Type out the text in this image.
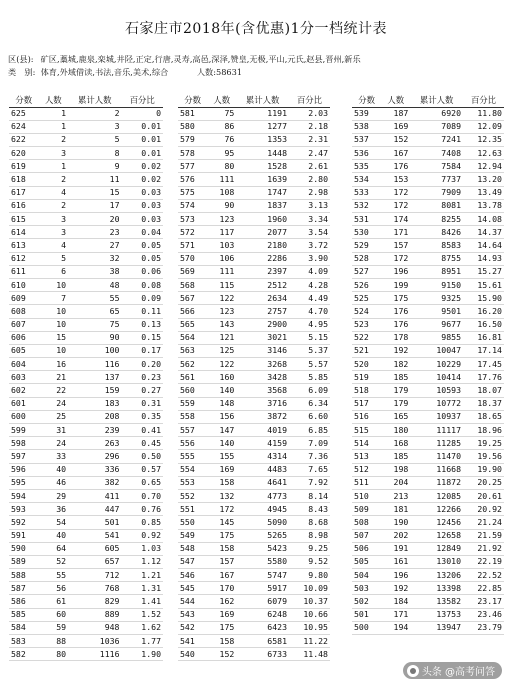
石家庄市2018年(含优惠)1分一档统计表
区(县): 矿区,藁城,鹿泉,栾城,井陉,正定,行唐,灵寿,高邑,深泽,赞皇,无极,平山,元氏,赵县,晋州,新乐
类　别: 体育,外域借读,书法,音乐,美术,综合	人数:58631
分数	人数	累计人数	百分比
625	1	2	0
624	1	3	0.01
622	2	5	0.01
620	3	8	0.01
619	1	9	0.02
618	2	11	0.02
617	4	15	0.03
616	2	17	0.03
615	3	20	0.03
614	3	23	0.04
613	4	27	0.05
612	5	32	0.05
611	6	38	0.06
610	10	48	0.08
609	7	55	0.09
608	10	65	0.11
607	10	75	0.13
606	15	90	0.15
605	10	100	0.17
604	16	116	0.20
603	21	137	0.23
602	22	159	0.27
601	24	183	0.31
600	25	208	0.35
599	31	239	0.41
598	24	263	0.45
597	33	296	0.50
596	40	336	0.57
595	46	382	0.65
594	29	411	0.70
593	36	447	0.76
592	54	501	0.85
591	40	541	0.92
590	64	605	1.03
589	52	657	1.12
588	55	712	1.21
587	56	768	1.31
586	61	829	1.41
585	60	889	1.52
584	59	948	1.62
583	88	1036	1.77
582	80	1116	1.90
分数	人数	累计人数	百分比
581	75	1191	2.03
580	86	1277	2.18
579	76	1353	2.31
578	95	1448	2.47
577	80	1528	2.61
576	111	1639	2.80
575	108	1747	2.98
574	90	1837	3.13
573	123	1960	3.34
572	117	2077	3.54
571	103	2180	3.72
570	106	2286	3.90
569	111	2397	4.09
568	115	2512	4.28
567	122	2634	4.49
566	123	2757	4.70
565	143	2900	4.95
564	121	3021	5.15
563	125	3146	5.37
562	122	3268	5.57
561	160	3428	5.85
560	140	3568	6.09
559	148	3716	6.34
558	156	3872	6.60
557	147	4019	6.85
556	140	4159	7.09
555	155	4314	7.36
554	169	4483	7.65
553	158	4641	7.92
552	132	4773	8.14
551	172	4945	8.43
550	145	5090	8.68
549	175	5265	8.98
548	158	5423	9.25
547	157	5580	9.52
546	167	5747	9.80
545	170	5917	10.09
544	162	6079	10.37
543	169	6248	10.66
542	175	6423	10.95
541	158	6581	11.22
540	152	6733	11.48
分数	人数	累计人数	百分比
539	187	6920	11.80
538	169	7089	12.09
537	152	7241	12.35
536	167	7408	12.63
535	176	7584	12.94
534	153	7737	13.20
533	172	7909	13.49
532	172	8081	13.78
531	174	8255	14.08
530	171	8426	14.37
529	157	8583	14.64
528	172	8755	14.93
527	196	8951	15.27
526	199	9150	15.61
525	175	9325	15.90
524	176	9501	16.20
523	176	9677	16.50
522	178	9855	16.81
521	192	10047	17.14
520	182	10229	17.45
519	185	10414	17.76
518	179	10593	18.07
517	179	10772	18.37
516	165	10937	18.65
515	180	11117	18.96
514	168	11285	19.25
513	185	11470	19.56
512	198	11668	19.90
511	204	11872	20.25
510	213	12085	20.61
509	181	12266	20.92
508	190	12456	21.24
507	202	12658	21.59
506	191	12849	21.92
505	161	13010	22.19
504	196	13206	22.52
503	192	13398	22.85
502	184	13582	23.17
501	171	13753	23.46
500	194	13947	23.79
头条 @高考问答
